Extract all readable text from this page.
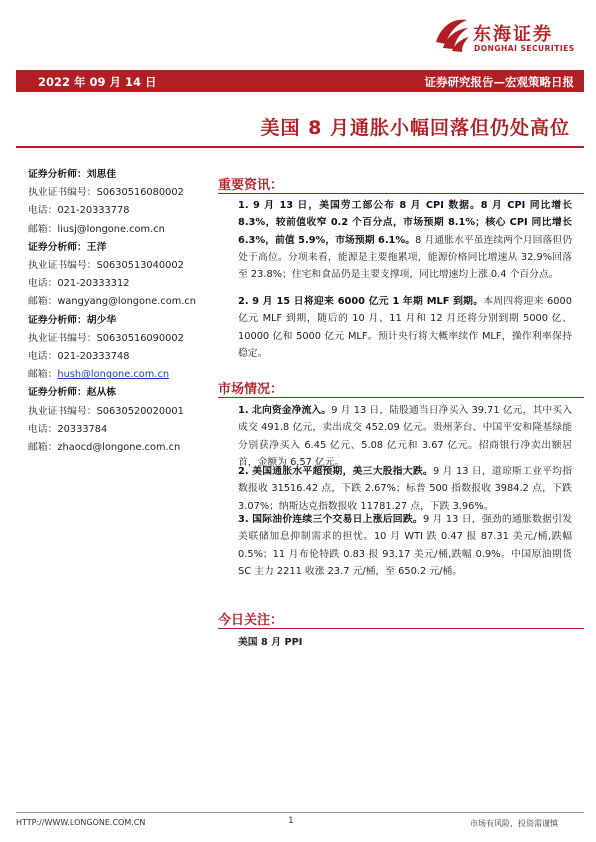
东海证券
DONGHAI SECURITIES
2022 年 09 月 14 日	证券研究报告—宏观策略日报
美国 8 月通胀小幅回落但仍处高位
证券分析师：刘思佳
执业证书编号：S0630516080002
电话：021-20333778
邮箱：liusj@longone.com.cn
证券分析师：王洋
执业证书编号：S0630513040002
电话：021-20333312
邮箱：wangyang@longone.com.cn
证券分析师：胡少华
执业证书编号：S0630516090002
电话：021-20333748
邮箱：hush@longone.com.cn
证券分析师：赵从栋
执业证书编号：S0630520020001
电话：20333784
邮箱：zhaocd@longone.com.cn
重要资讯：
1. 9 月 13 日，美国劳工部公布 8 月 CPI 数据。8 月 CPI 同比增长 8.3%，较前值收窄 0.2 个百分点，市场预期 8.1%；核心 CPI 同比增长 6.3%，前值 5.9%，市场预期 6.1%。8 月通胀水平虽连续两个月回落但仍处于高位。分项来看，能源是主要拖累项，能源价格同比增速从 32.9%回落至 23.8%；住宅和食品仍是主要支撑项，同比增速均上涨 0.4 个百分点。
2. 9 月 15 日将迎来 6000 亿元 1 年期 MLF 到期。本周四将迎来 6000 亿元 MLF 到期，随后的 10 月、11 月和 12 月还将分别到期 5000 亿、10000 亿和 5000 亿元 MLF。预计央行将大概率续作 MLF，操作利率保持稳定。
市场情况：
1. 北向资金净流入。9 月 13 日，陆股通当日净买入 39.71 亿元，其中买入成交 491.8 亿元，卖出成交 452.09 亿元。贵州茅台、中国平安和隆基绿能分别获净买入 6.45 亿元、5.08 亿元和 3.67 亿元。招商银行净卖出额居首，金额为 6.57 亿元。
2. 美国通胀水平超预期，美三大股指大跌。9 月 13 日，道琼斯工业平均指数报收 31516.42 点，下跌 2.67%；标普 500 指数报收 3984.2 点，下跌 3.07%；纳斯达克指数报收 11781.27 点，下跌 3.96%。
3. 国际油价连续三个交易日上涨后回跌。9 月 13 日，强劲的通胀数据引发美联储加息抑制需求的担忧。10 月 WTI 跌 0.47 报 87.31 美元/桶,跌幅 0.5%；11 月布伦特跌 0.83 报 93.17 美元/桶,跌幅 0.9%。中国原油期货 SC 主力 2211 收涨 23.7 元/桶，至 650.2 元/桶。
今日关注：
美国 8 月 PPI
HTTP://WWW.LONGONE.COM.CN	1	市场有风险，投资需谨慎
